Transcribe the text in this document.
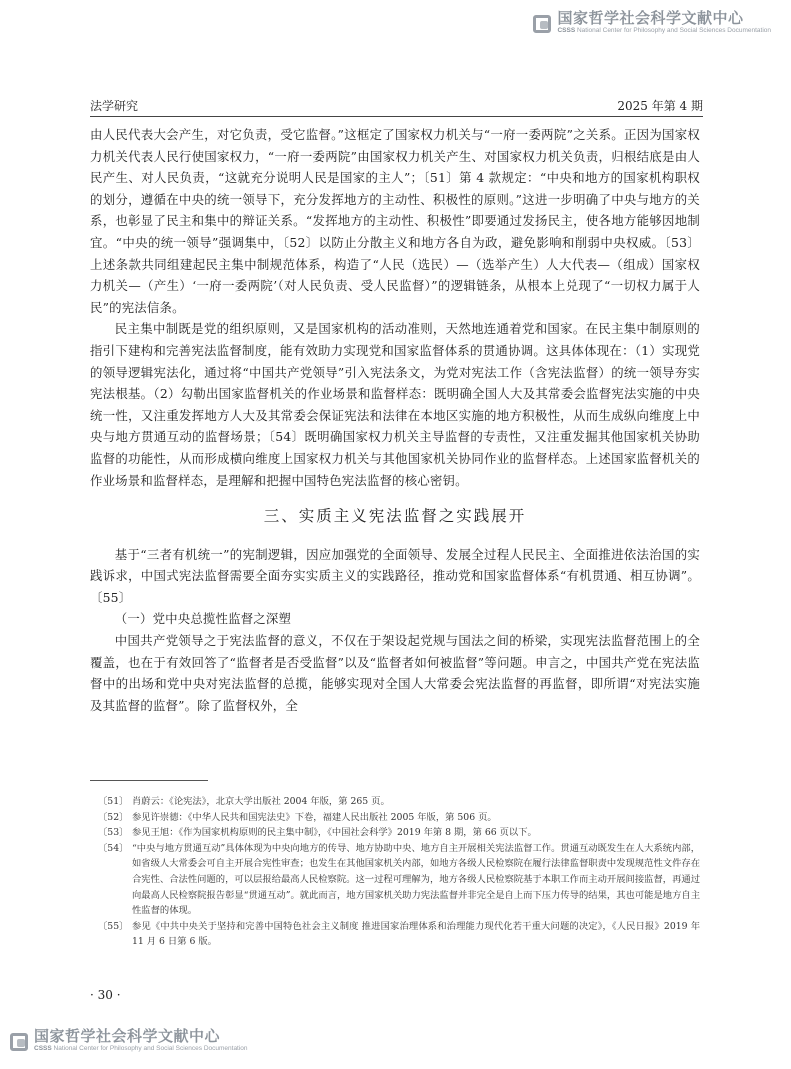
国家哲学社会科学文献中心
CSSS National Center for Philosophy and Social Sciences Documentation
法学研究	2025 年第 4 期

由人民代表大会产生，对它负责，受它监督。”这框定了国家权力机关与“一府一委两院”之关系。正因为国家权力机关代表人民行使国家权力，“一府一委两院”由国家权力机关产生、对国家权力机关负责，归根结底是由人民产生、对人民负责，“这就充分说明人民是国家的主人”；〔51〕第 4 款规定：“中央和地方的国家机构职权的划分，遵循在中央的统一领导下，充分发挥地方的主动性、积极性的原则。”这进一步明确了中央与地方的关系，也彰显了民主和集中的辩证关系。“发挥地方的主动性、积极性”即要通过发扬民主，使各地方能够因地制宜。“中央的统一领导”强调集中，〔52〕以防止分散主义和地方各自为政，避免影响和削弱中央权威。〔53〕上述条款共同组建起民主集中制规范体系，构造了“人民（选民）—（选举产生）人大代表—（组成）国家权力机关—（产生）‘一府一委两院’（对人民负责、受人民监督）”的逻辑链条，从根本上兑现了“一切权力属于人民”的宪法信条。

民主集中制既是党的组织原则，又是国家机构的活动准则，天然地连通着党和国家。在民主集中制原则的指引下建构和完善宪法监督制度，能有效助力实现党和国家监督体系的贯通协调。这具体体现在：（1）实现党的领导逻辑宪法化，通过将“中国共产党领导”引入宪法条文，为党对宪法工作（含宪法监督）的统一领导夯实宪法根基。（2）勾勒出国家监督机关的作业场景和监督样态：既明确全国人大及其常委会监督宪法实施的中央统一性，又注重发挥地方人大及其常委会保证宪法和法律在本地区实施的地方积极性，从而生成纵向维度上中央与地方贯通互动的监督场景；〔54〕既明确国家权力机关主导监督的专责性，又注重发掘其他国家机关协助监督的功能性，从而形成横向维度上国家权力机关与其他国家机关协同作业的监督样态。上述国家监督机关的作业场景和监督样态，是理解和把握中国特色宪法监督的核心密钥。

三、实质主义宪法监督之实践展开

基于“三者有机统一”的宪制逻辑，因应加强党的全面领导、发展全过程人民民主、全面推进依法治国的实践诉求，中国式宪法监督需要全面夯实实质主义的实践路径，推动党和国家监督体系“有机贯通、相互协调”。〔55〕

（一）党中央总揽性监督之深塑

中国共产党领导之于宪法监督的意义，不仅在于架设起党规与国法之间的桥梁，实现宪法监督范围上的全覆盖，也在于有效回答了“监督者是否受监督”以及“监督者如何被监督”等问题。申言之，中国共产党在宪法监督中的出场和党中央对宪法监督的总揽，能够实现对全国人大常委会宪法监督的再监督，即所谓“对宪法实施及其监督的监督”。除了监督权外，全

〔51〕 肖蔚云：《论宪法》，北京大学出版社 2004 年版，第 265 页。
〔52〕 参见许崇德：《中华人民共和国宪法史》下卷，福建人民出版社 2005 年版，第 506 页。
〔53〕 参见王旭：《作为国家机构原则的民主集中制》，《中国社会科学》2019 年第 8 期，第 66 页以下。
〔54〕 “中央与地方贯通互动”具体体现为中央向地方的传导、地方协助中央、地方自主开展相关宪法监督工作。贯通互动既发生在人大系统内部，如省级人大常委会可自主开展合宪性审查；也发生在其他国家机关内部，如地方各级人民检察院在履行法律监督职责中发现规范性文件存在合宪性、合法性问题的，可以层报给最高人民检察院。这一过程可理解为，地方各级人民检察院基于本职工作而主动开展间接监督，再通过向最高人民检察院报告彰显“贯通互动”。就此而言，地方国家机关助力宪法监督并非完全是自上而下压力传导的结果，其也可能是地方自主性监督的体现。
〔55〕 参见《中共中央关于坚持和完善中国特色社会主义制度 推进国家治理体系和治理能力现代化若干重大问题的决定》，《人民日报》2019 年 11 月 6 日第 6 版。
· 30 ·
国家哲学社会科学文献中心
CSSS National Center for Philosophy and Social Sciences Documentation
